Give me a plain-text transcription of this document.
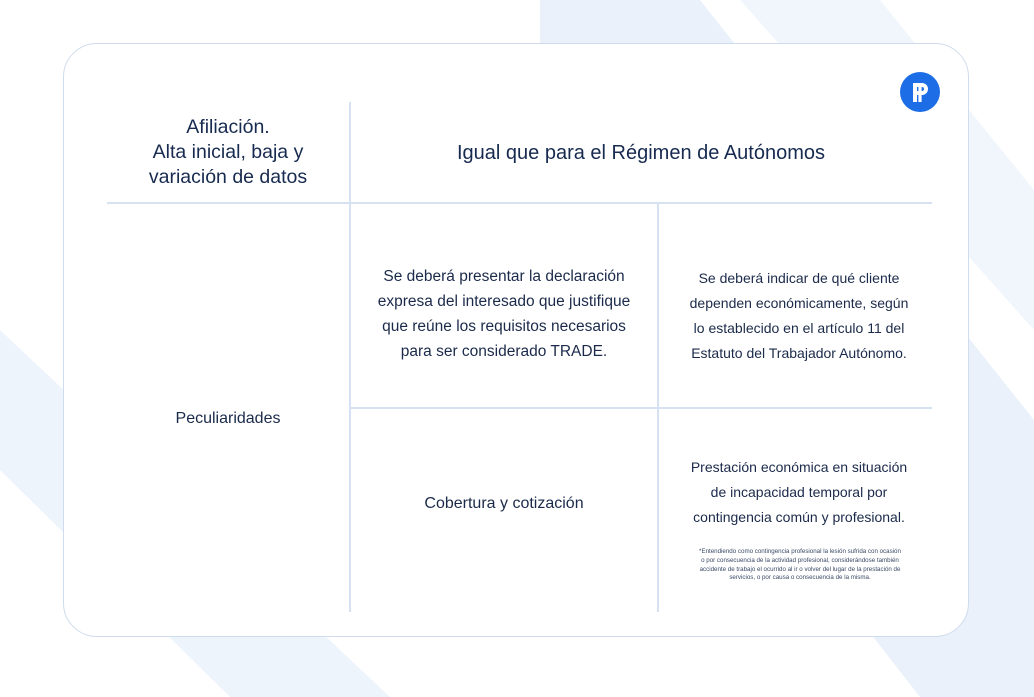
Afiliación.
Alta inicial, baja y
variación de datos
Igual que para el Régimen de Autónomos
Peculiaridades
Se deberá presentar la declaración
expresa del interesado que justifique
que reúne los requisitos necesarios
para ser considerado TRADE.
Se deberá indicar de qué cliente
dependen económicamente, según
lo establecido en el artículo 11 del
Estatuto del Trabajador Autónomo.
Cobertura y cotización
Prestación económica en situación
de incapacidad temporal por
contingencia común y profesional.
*Entendiendo como contingencia profesional la lesión sufrida con ocasión
o por consecuencia de la actividad profesional, considerándose también
accidente de trabajo el ocurrido al ir o volver del lugar de la prestación de
servicios, o por causa o consecuencia de la misma.
